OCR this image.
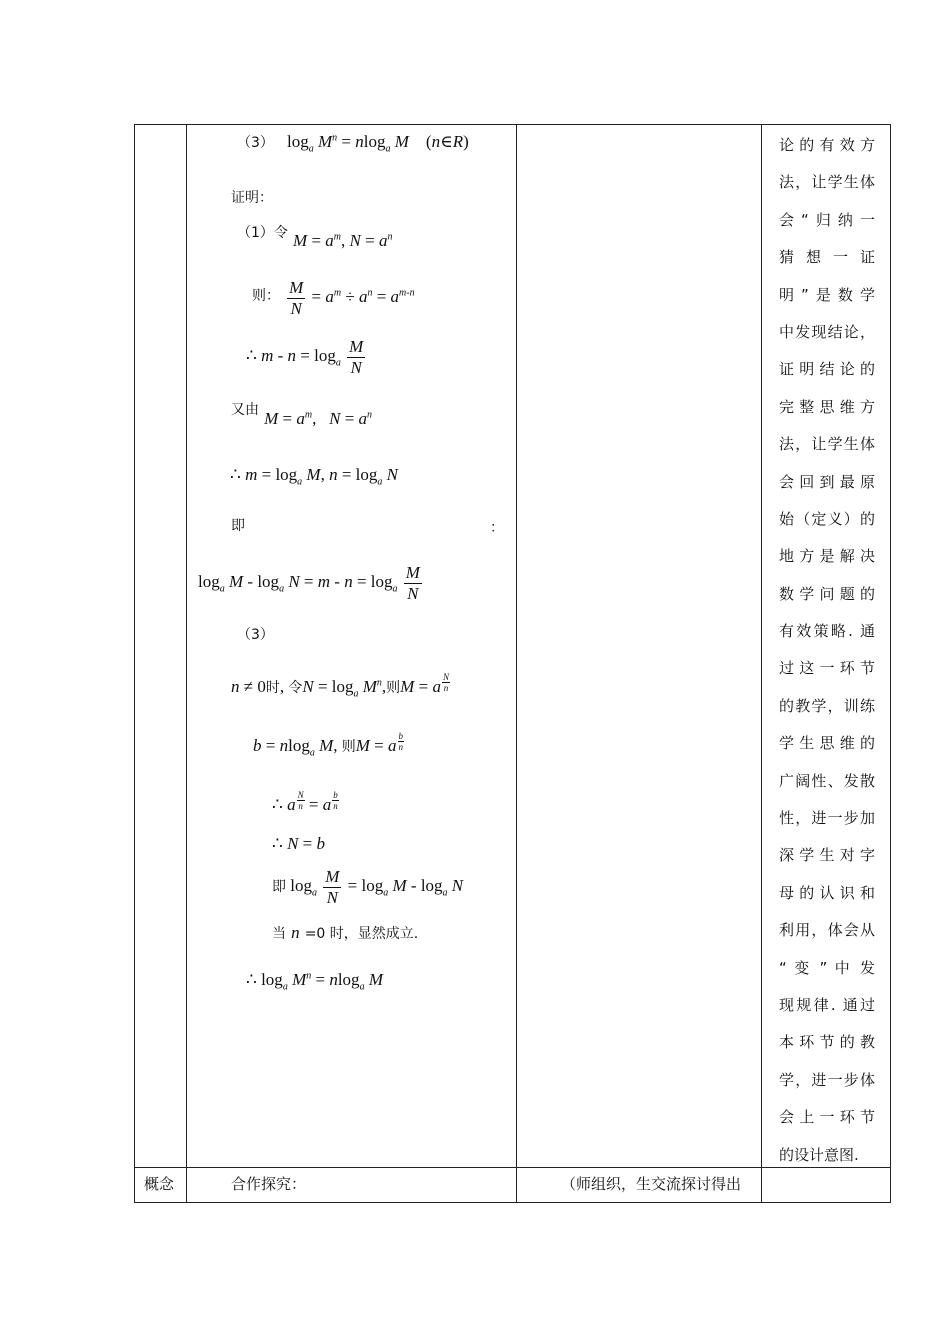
（3） $\log_a M^n = nlog_a$ M    (n∈R)
证明：
（1）令 $M = a^m$, $N = a^n$
则： $\frac{M}{N} = a^m \div a^n = a^{m-n}$
∴ $m - n = \log_a \frac{M}{N}$
又由 $M = a^m$,   $N = a^n$
∴ $m = \log_a M$, $n = \log_a N$
即	：
$\log_a M - \log_a N = m - n = \log_a \frac{M}{N}$
（3）
n ≠ 0时, 令$N = \log_a M^n$,则M = a $\frac{N}{n}$
b = nlog$_a$ M, 则M = a $\frac{b}{n}$
∴ a $\frac{N}{n} = a \frac{b}{n}$
∴ N = b
即 $\log_a \frac{M}{N} = \log_a M - \log_a N$
当 n =0 时，显然成立.
∴ $\log_a M^n = nlog_a$ M
论的有效方
法，让学生体
会“归纳一
猜 想 一 证
明”是数学
中发现结论，
证明结论的
完整思维方
法，让学生体
会回到最原
始（定义）的
地方是解决
数学问题的
有效策略. 通
过这一环节
的教学，训练
学生思维的
广阔性、发散
性，进一步加
深学生对字
母的认识和
利用，体会从
“ 变 ” 中 发
现规律. 通过
本环节的教
学，进一步体
会上一环节
的设计意图.
概念	合作探究：	（师组织，生交流探讨得出
